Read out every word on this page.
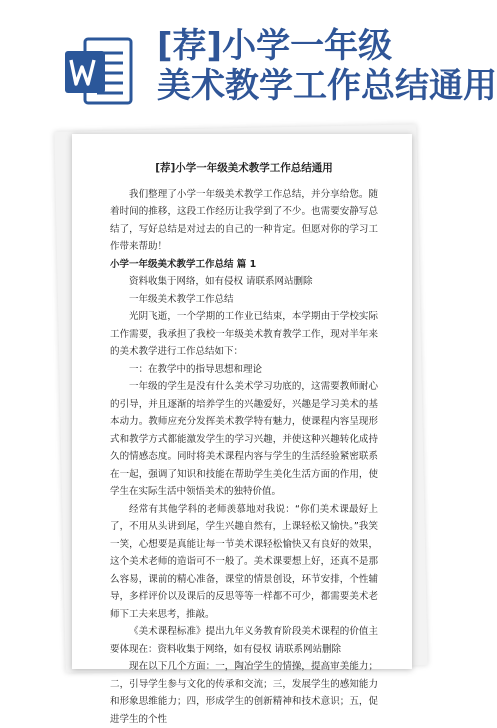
[荐]小学一年级
美术教学工作总结通用
[荐]小学一年级美术教学工作总结通用

我们整理了小学一年级美术教学工作总结，并分享给您。随着时间的推移，这段工作经历让我学到了不少。也需要安静写总结了，写好总结是对过去的自己的一种肯定。但愿对你的学习工作带来帮助！

小学一年级美术教学工作总结 篇 1

资料收集于网络，如有侵权 请联系网站删除

一年级美术教学工作总结

光阴飞逝，一个学期的工作业已结束，本学期由于学校实际工作需要，我承担了我校一年级美术教育教学工作，现对半年来的美术教学进行工作总结如下：

一：在教学中的指导思想和理论

一年级的学生是没有什么美术学习功底的，这需要教师耐心的引导，并且逐渐的培养学生的兴趣爱好，兴趣是学习美术的基本动力。教师应充分发挥美术教学特有魅力，使课程内容呈现形式和教学方式都能激发学生的学习兴趣，并使这种兴趣转化成持久的情感态度。同时将美术课程内容与学生的生活经验紧密联系在一起，强调了知识和技能在帮助学生美化生活方面的作用，使学生在实际生活中领悟美术的独特价值。

经常有其他学科的老师羡慕地对我说：“你们美术课最好上了，不用从头讲到尾，学生兴趣自然有，上课轻松又愉快。”我笑一笑，心想要是真能让每一节美术课轻松愉快又有良好的效果，这个美术老师的造诣可不一般了。美术课要想上好，还真不是那么容易，课前的精心准备，课堂的情景创设，环节安排，个性辅导，多样评价以及课后的反思等等一样都不可少，都需要美术老师下工夫来思考，推敲。

《美术课程标准》提出九年义务教育阶段美术课程的价值主要体现在：资料收集于网络，如有侵权 请联系网站删除

现在以下几个方面：一，陶冶学生的情操，提高审美能力；二，引导学生参与文化的传承和交流；三，发展学生的感知能力和形象思维能力；四，形成学生的创新精神和技术意识；五，促进学生的个性
